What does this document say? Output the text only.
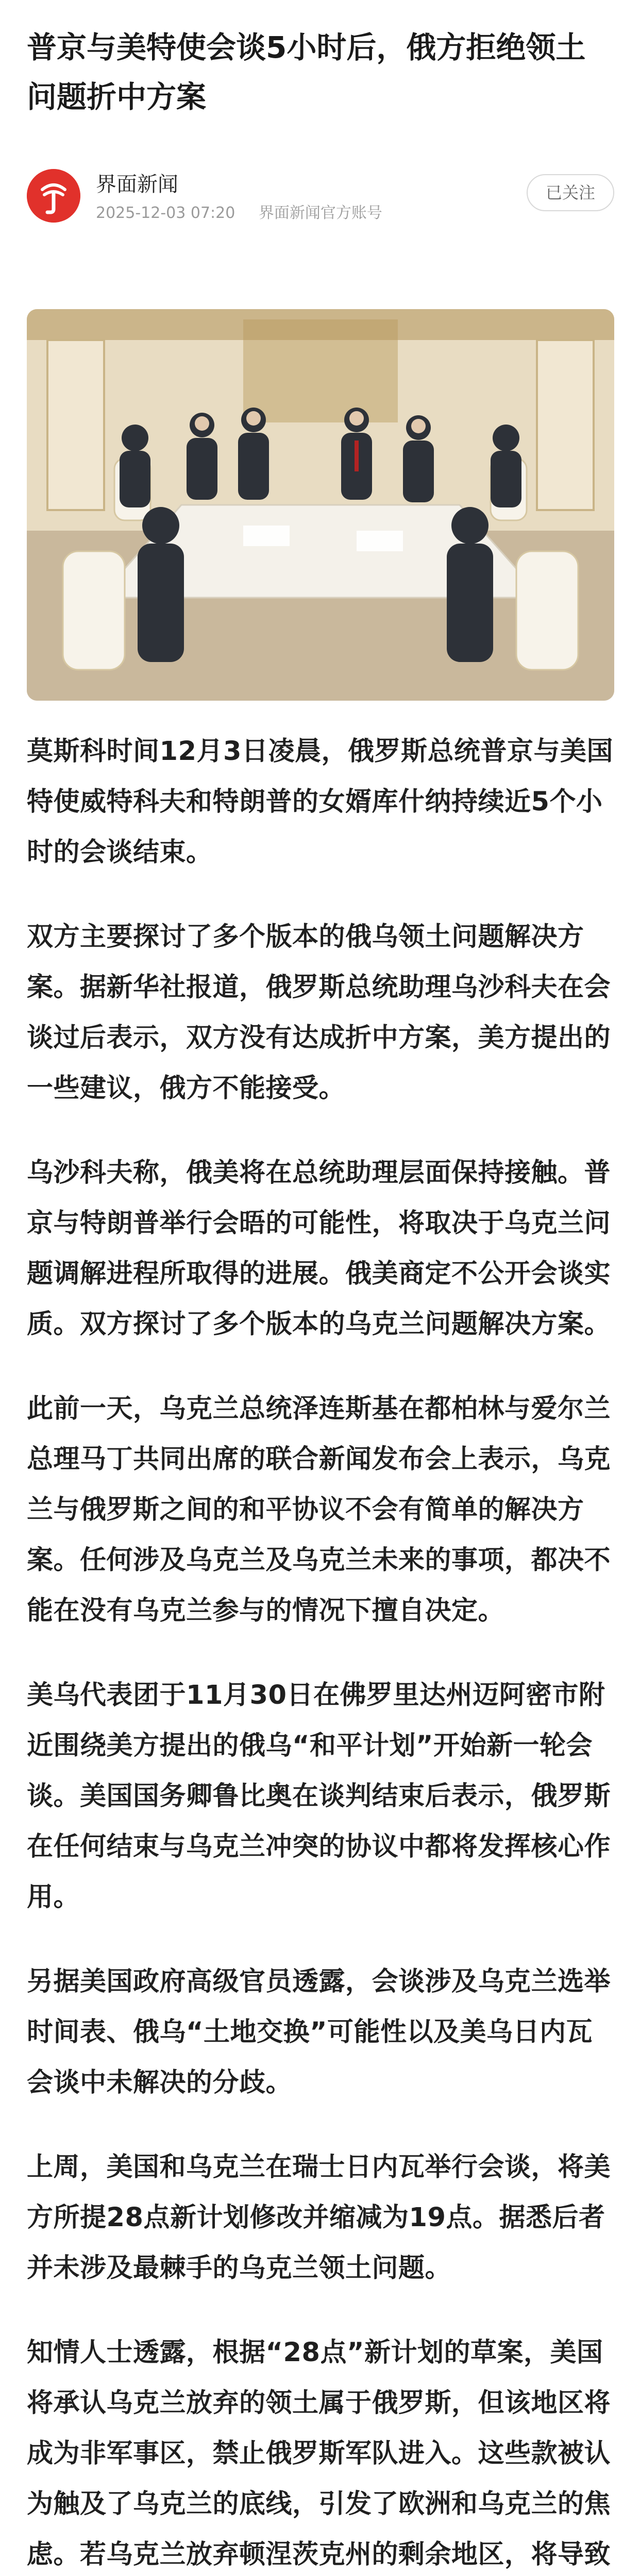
普京与美特使会谈5小时后，俄方拒绝领土问题折中方案
界面新闻
2025-12-03 07:20 界面新闻官方账号
已关注

莫斯科时间12月3日凌晨，俄罗斯总统普京与美国特使威特科夫和特朗普的女婿库什纳持续近5个小时的会谈结束。

双方主要探讨了多个版本的俄乌领土问题解决方案。据新华社报道，俄罗斯总统助理乌沙科夫在会谈过后表示，双方没有达成折中方案，美方提出的一些建议，俄方不能接受。

乌沙科夫称，俄美将在总统助理层面保持接触。普京与特朗普举行会晤的可能性，将取决于乌克兰问题调解进程所取得的进展。俄美商定不公开会谈实质。双方探讨了多个版本的乌克兰问题解决方案。

此前一天，乌克兰总统泽连斯基在都柏林与爱尔兰总理马丁共同出席的联合新闻发布会上表示，乌克兰与俄罗斯之间的和平协议不会有简单的解决方案。任何涉及乌克兰及乌克兰未来的事项，都决不能在没有乌克兰参与的情况下擅自决定。

美乌代表团于11月30日在佛罗里达州迈阿密市附近围绕美方提出的俄乌“和平计划”开始新一轮会谈。美国国务卿鲁比奥在谈判结束后表示，俄罗斯在任何结束与乌克兰冲突的协议中都将发挥核心作用。

另据美国政府高级官员透露，会谈涉及乌克兰选举时间表、俄乌“土地交换”可能性以及美乌日内瓦会谈中未解决的分歧。

上周，美国和乌克兰在瑞士日内瓦举行会谈，将美方所提28点新计划修改并缩减为19点。据悉后者并未涉及最棘手的乌克兰领土问题。

知情人士透露，根据“28点”新计划的草案，美国将承认乌克兰放弃的领土属于俄罗斯，但该地区将成为非军事区，禁止俄罗斯军队进入。这些款被认为触及了乌克兰的底线，引发了欧洲和乌克兰的焦虑。若乌克兰放弃顿涅茨克州的剩余地区，将导致
